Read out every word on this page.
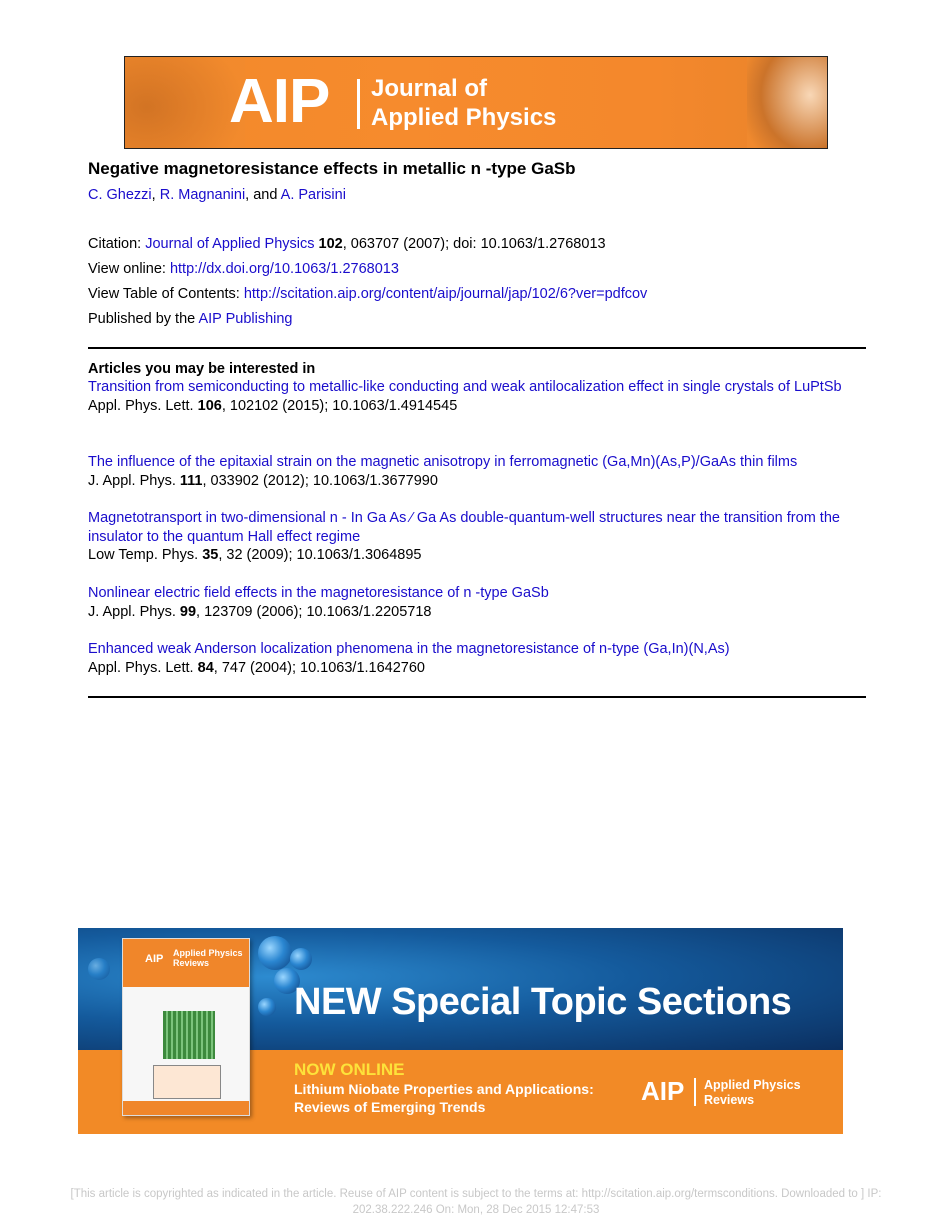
AIP Journal of
Applied Physics
Negative magnetoresistance effects in metallic n -type GaSb
C. Ghezzi, R. Magnanini, and A. Parisini
Citation: Journal of Applied Physics 102, 063707 (2007); doi: 10.1063/1.2768013
View online: http://dx.doi.org/10.1063/1.2768013
View Table of Contents: http://scitation.aip.org/content/aip/journal/jap/102/6?ver=pdfcov
Published by the AIP Publishing
Articles you may be interested in
Transition from semiconducting to metallic-like conducting and weak antilocalization effect in single crystals of LuPtSb
Appl. Phys. Lett. 106, 102102 (2015); 10.1063/1.4914545
The influence of the epitaxial strain on the magnetic anisotropy in ferromagnetic (Ga,Mn)(As,P)/GaAs thin films
J. Appl. Phys. 111, 033902 (2012); 10.1063/1.3677990
Magnetotransport in two-dimensional n - In Ga As ∕ Ga As double-quantum-well structures near the transition from the insulator to the quantum Hall effect regime
Low Temp. Phys. 35, 32 (2009); 10.1063/1.3064895
Nonlinear electric field effects in the magnetoresistance of n -type GaSb
J. Appl. Phys. 99, 123709 (2006); 10.1063/1.2205718
Enhanced weak Anderson localization phenomena in the magnetoresistance of n-type (Ga,In)(N,As)
Appl. Phys. Lett. 84, 747 (2004); 10.1063/1.1642760
AIP Applied Physics
Reviews
NEW Special Topic Sections
NOW ONLINE
Lithium Niobate Properties and Applications:
Reviews of Emerging Trends
AIP Applied Physics
Reviews
[This article is copyrighted as indicated in the article. Reuse of AIP content is subject to the terms at: http://scitation.aip.org/termsconditions. Downloaded to ] IP:
202.38.222.246 On: Mon, 28 Dec 2015 12:47:53
